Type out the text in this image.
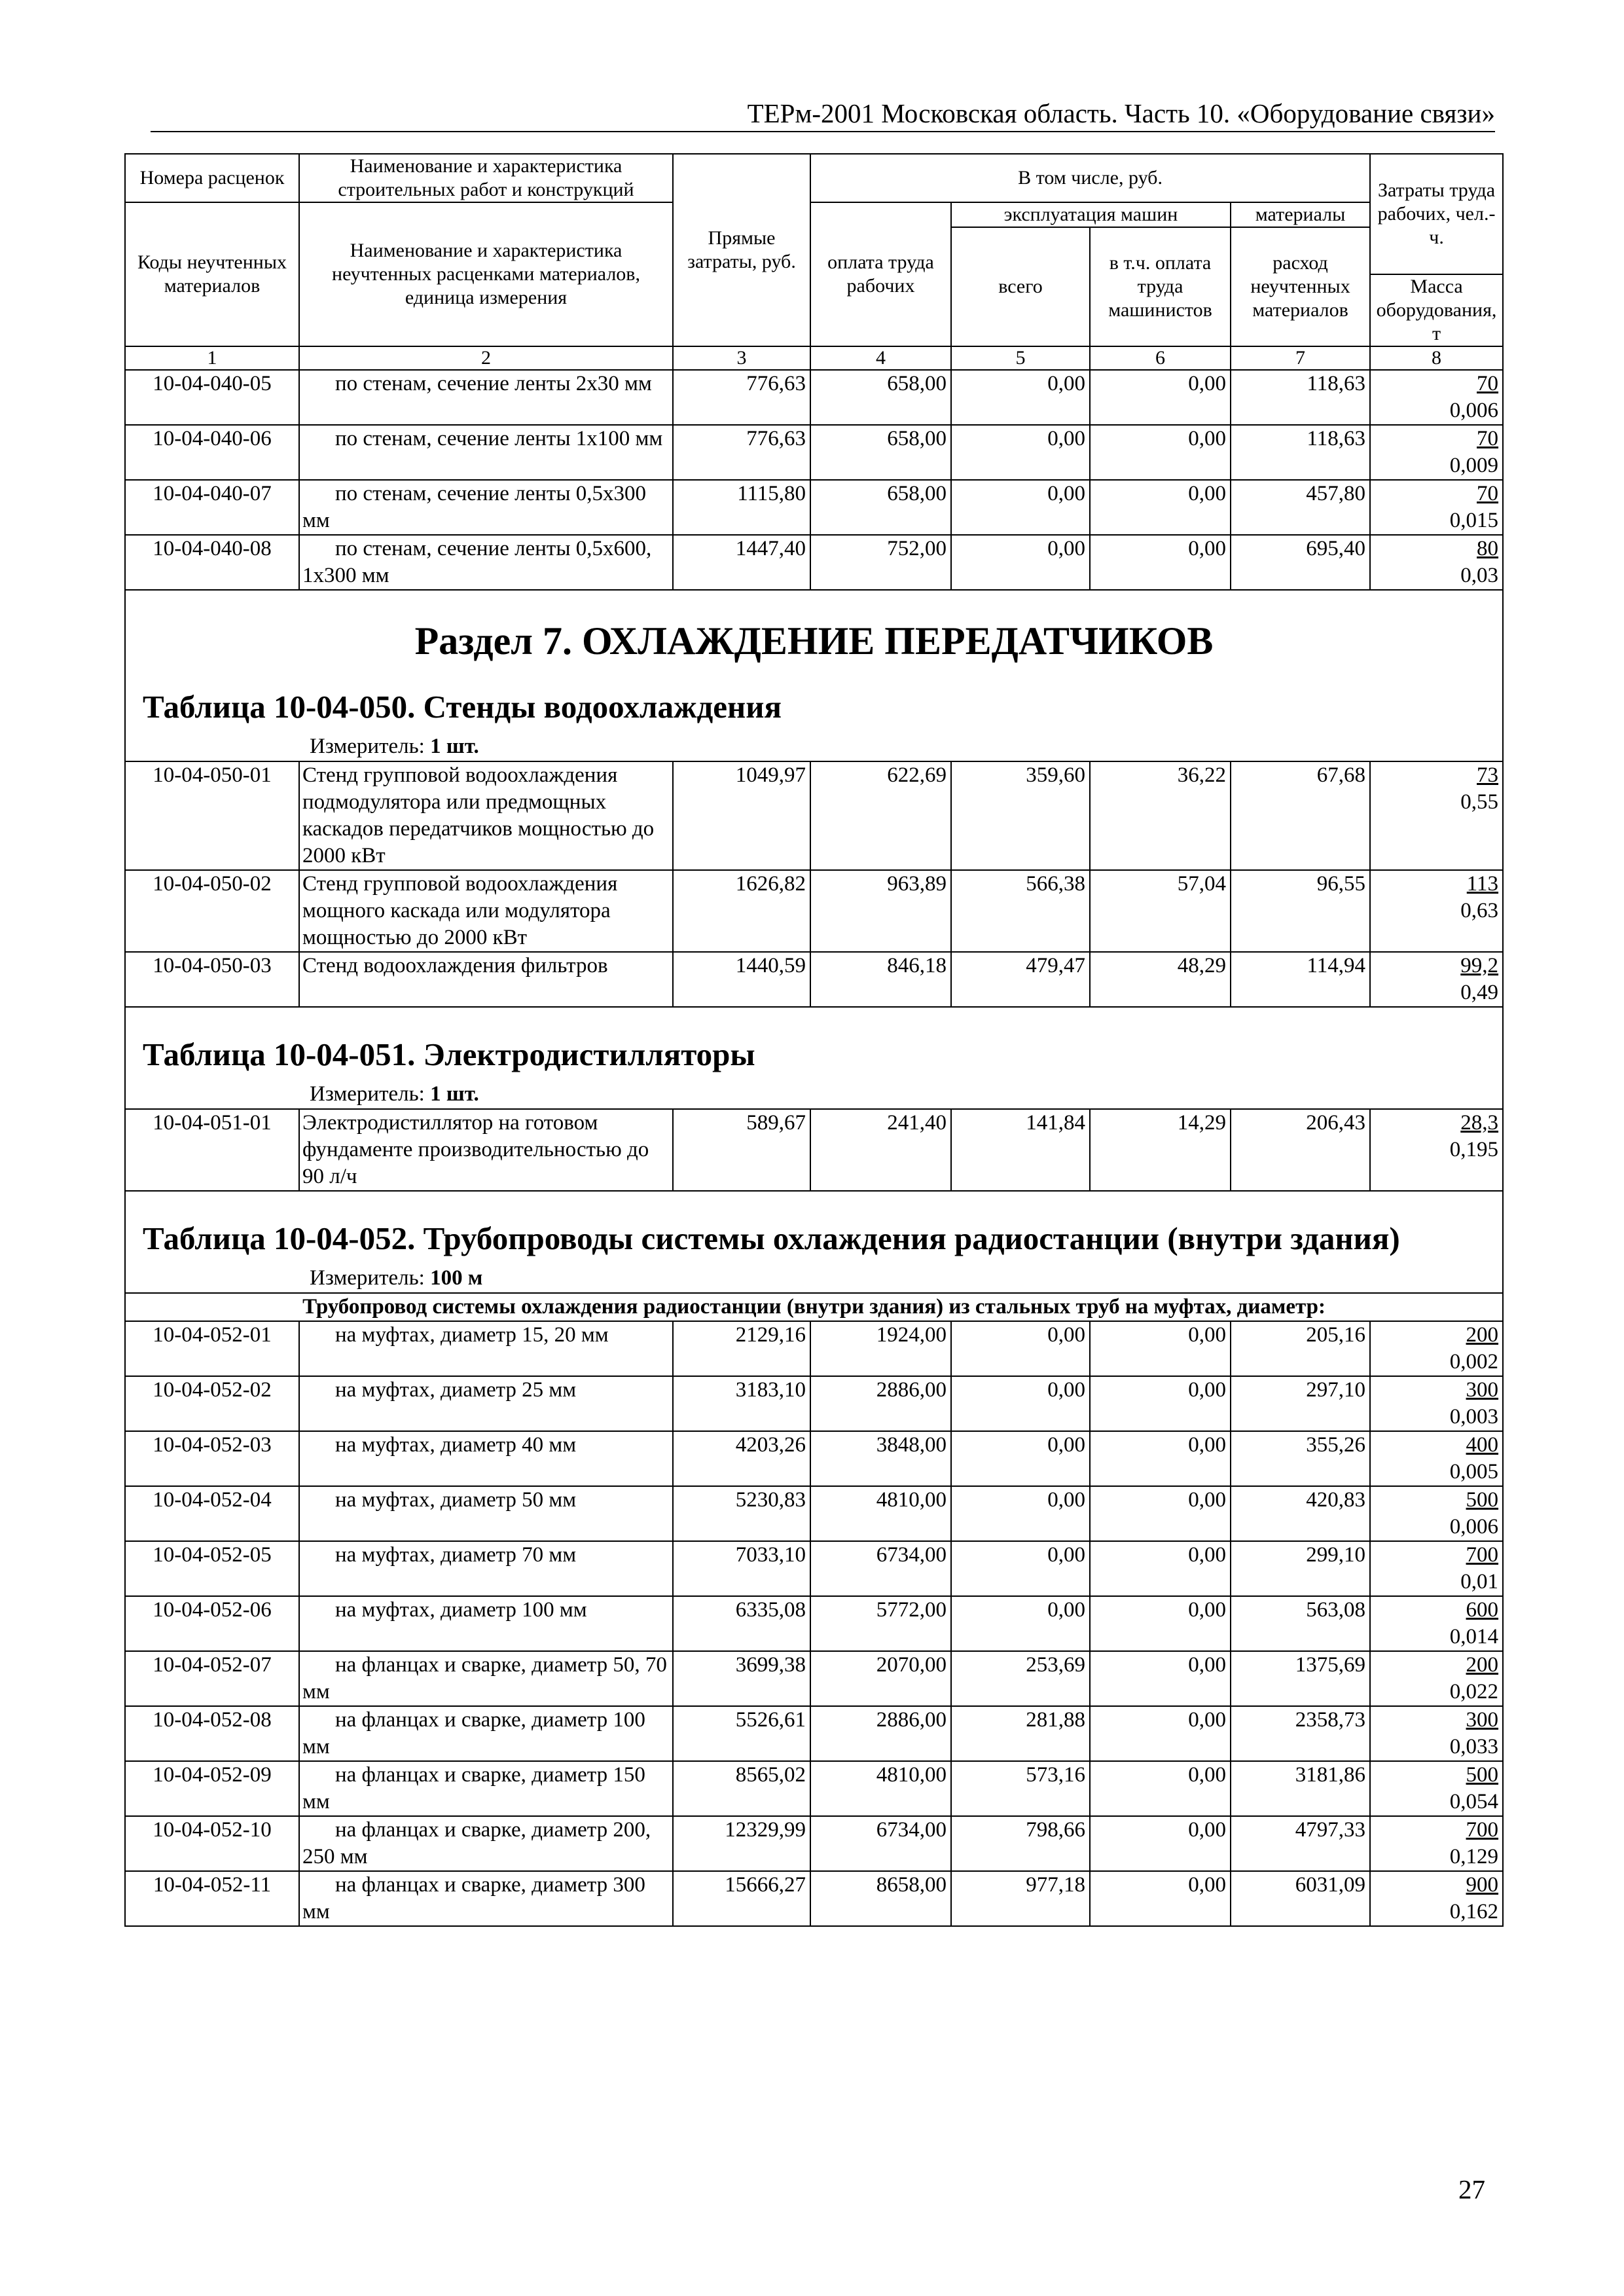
ТЕРм-2001 Московская область. Часть 10. «Оборудование связи»
Номера расценок	Наименование и характеристика строительных работ и конструкций	Прямые затраты, руб.	В том числе, руб.				Затраты труда рабочих, чел.-ч.
Коды неучтенных материалов	Наименование и характеристика неучтенных расценками материалов, единица измерения		оплата труда рабочих	эксплуатация машин		материалы	
				всего	в т.ч. оплата труда машинистов	расход неучтенных материалов	
							Масса оборудования, т
1	2	3	4	5	6	7	8
10-04-040-05	по стенам, сечение ленты 2х30 мм	776,63	658,00	0,00	0,00	118,63	70
0,006

10-04-040-06	по стенам, сечение ленты 1х100 мм	776,63	658,00	0,00	0,00	118,63	70
0,009

10-04-040-07	по стенам, сечение ленты 0,5х300 мм	1115,80	658,00	0,00	0,00	457,80	70
0,015

10-04-040-08	по стенам, сечение ленты 0,5х600, 1х300 мм	1447,40	752,00	0,00	0,00	695,40	80
0,03

Раздел 7. ОХЛАЖДЕНИЕ ПЕРЕДАТЧИКОВ
Таблица 10-04-050. Стенды водоохлаждения
Измеритель: 1 шт.							

10-04-050-01	Стенд групповой водоохлаждения подмодулятора или предмощных каскадов передатчиков мощностью до 2000 кВт	1049,97	622,69	359,60	36,22	67,68	73
0,55

10-04-050-02	Стенд групповой водоохлаждения мощного каскада или модулятора мощностью до 2000 кВт	1626,82	963,89	566,38	57,04	96,55	113
0,63

10-04-050-03	Стенд водоохлаждения фильтров	1440,59	846,18	479,47	48,29	114,94	99,2
0,49

Таблица 10-04-051. Электродистилляторы
Измеритель: 1 шт.							

10-04-051-01	Электродистиллятор на готовом фундаменте производительностью до 90 л/ч	589,67	241,40	141,84	14,29	206,43	28,3
0,195

Таблица 10-04-052. Трубопроводы системы охлаждения радиостанции (внутри здания)
Измеритель: 100 м							

Трубопровод системы охлаждения радиостанции (внутри здания) из стальных труб на муфтах, диаметр:							
10-04-052-01	на муфтах, диаметр 15, 20 мм	2129,16	1924,00	0,00	0,00	205,16	200
0,002

10-04-052-02	на муфтах, диаметр 25 мм	3183,10	2886,00	0,00	0,00	297,10	300
0,003

10-04-052-03	на муфтах, диаметр 40 мм	4203,26	3848,00	0,00	0,00	355,26	400
0,005

10-04-052-04	на муфтах, диаметр 50 мм	5230,83	4810,00	0,00	0,00	420,83	500
0,006

10-04-052-05	на муфтах, диаметр 70 мм	7033,10	6734,00	0,00	0,00	299,10	700
0,01

10-04-052-06	на муфтах, диаметр 100 мм	6335,08	5772,00	0,00	0,00	563,08	600
0,014

10-04-052-07	на фланцах и сварке, диаметр 50, 70 мм	3699,38	2070,00	253,69	0,00	1375,69	200
0,022

10-04-052-08	на фланцах и сварке, диаметр 100 мм	5526,61	2886,00	281,88	0,00	2358,73	300
0,033

10-04-052-09	на фланцах и сварке, диаметр 150 мм	8565,02	4810,00	573,16	0,00	3181,86	500
0,054

10-04-052-10	на фланцах и сварке, диаметр 200, 250 мм	12329,99	6734,00	798,66	0,00	4797,33	700
0,129

10-04-052-11	на фланцах и сварке, диаметр 300 мм	15666,27	8658,00	977,18	0,00	6031,09	900
0,162
27
